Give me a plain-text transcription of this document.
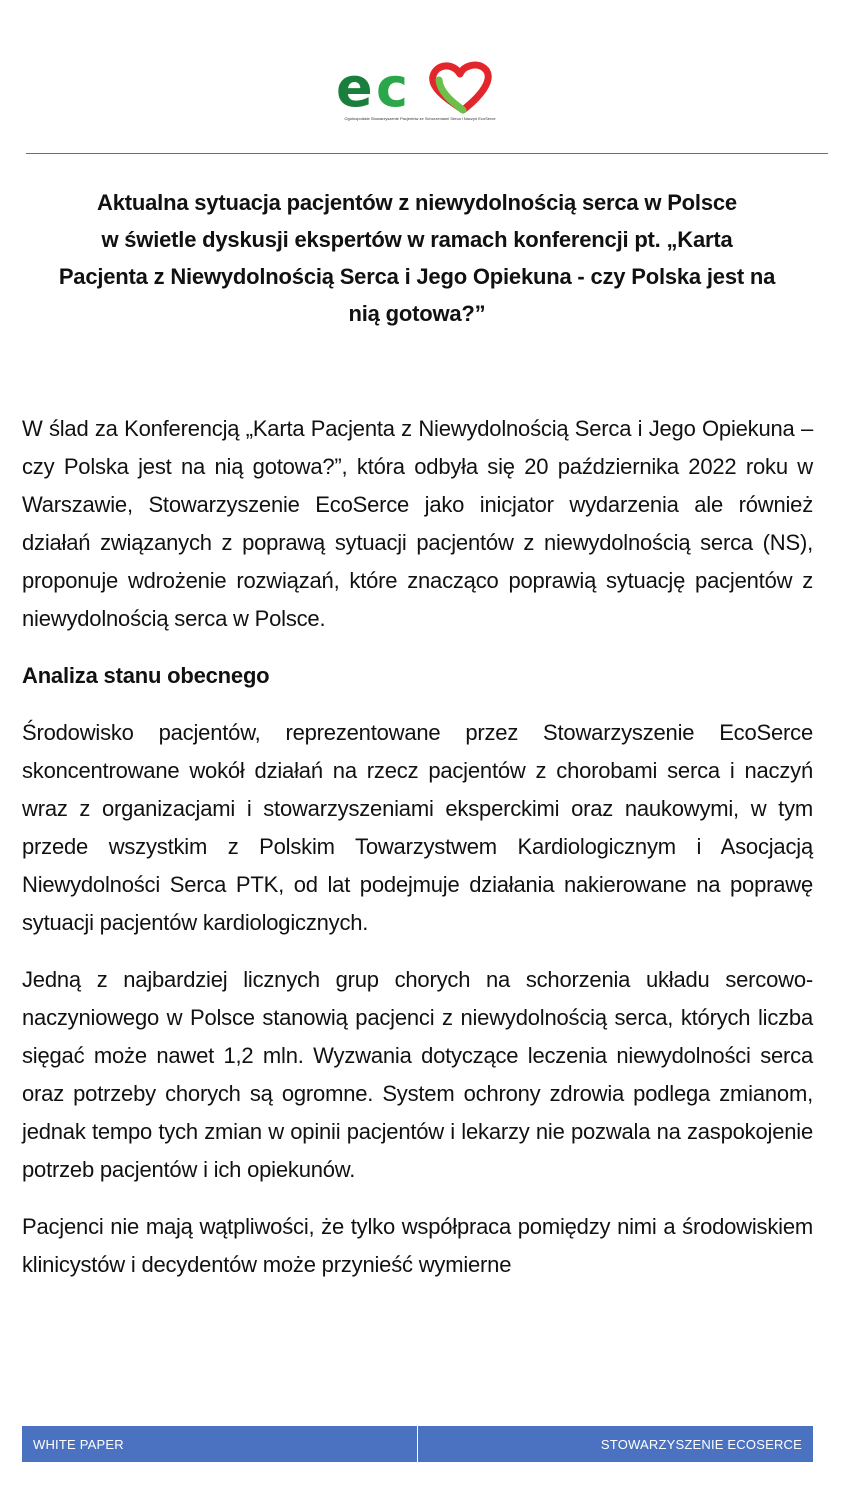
e c
Ogólnopolskie Stowarzyszenie Pacjentów ze Schorzeniami Serca i Naczyń EcoSerce
Aktualna sytuacja pacjentów z niewydolnością serca w Polsce
w świetle dyskusji ekspertów w ramach konferencji pt. „Karta
Pacjenta z Niewydolnością Serca i Jego Opiekuna - czy Polska jest na
nią gotowa?”

W ślad za Konferencją „Karta Pacjenta z Niewydolnością Serca i Jego Opiekuna – czy Polska jest na nią gotowa?”, która odbyła się 20 października 2022 roku w Warszawie, Stowarzyszenie EcoSerce jako inicjator wydarzenia ale również działań związanych z poprawą sytuacji pacjentów z niewydolnością serca (NS), proponuje wdrożenie rozwiązań, które znacząco poprawią sytuację pacjentów z niewydolnością serca w Polsce.

Analiza stanu obecnego

Środowisko pacjentów, reprezentowane przez Stowarzyszenie EcoSerce skoncentrowane wokół działań na rzecz pacjentów z chorobami serca i naczyń wraz z organizacjami i stowarzyszeniami eksperckimi oraz naukowymi, w tym przede wszystkim z Polskim Towarzystwem Kardiologicznym i Asocjacją Niewydolności Serca PTK, od lat podejmuje działania nakierowane na poprawę sytuacji pacjentów kardiologicznych.

Jedną z najbardziej licznych grup chorych na schorzenia układu sercowo-naczyniowego w Polsce stanowią pacjenci z niewydolnością serca, których liczba sięgać może nawet 1,2 mln. Wyzwania dotyczące leczenia niewydolności serca oraz potrzeby chorych są ogromne. System ochrony zdrowia podlega zmianom, jednak tempo tych zmian w opinii pacjentów i lekarzy nie pozwala na zaspokojenie potrzeb pacjentów i ich opiekunów.

Pacjenci nie mają wątpliwości, że tylko współpraca pomiędzy nimi a środowiskiem klinicystów i decydentów może przynieść wymierne

WHITE PAPER	STOWARZYSZENIE ECOSERCE
